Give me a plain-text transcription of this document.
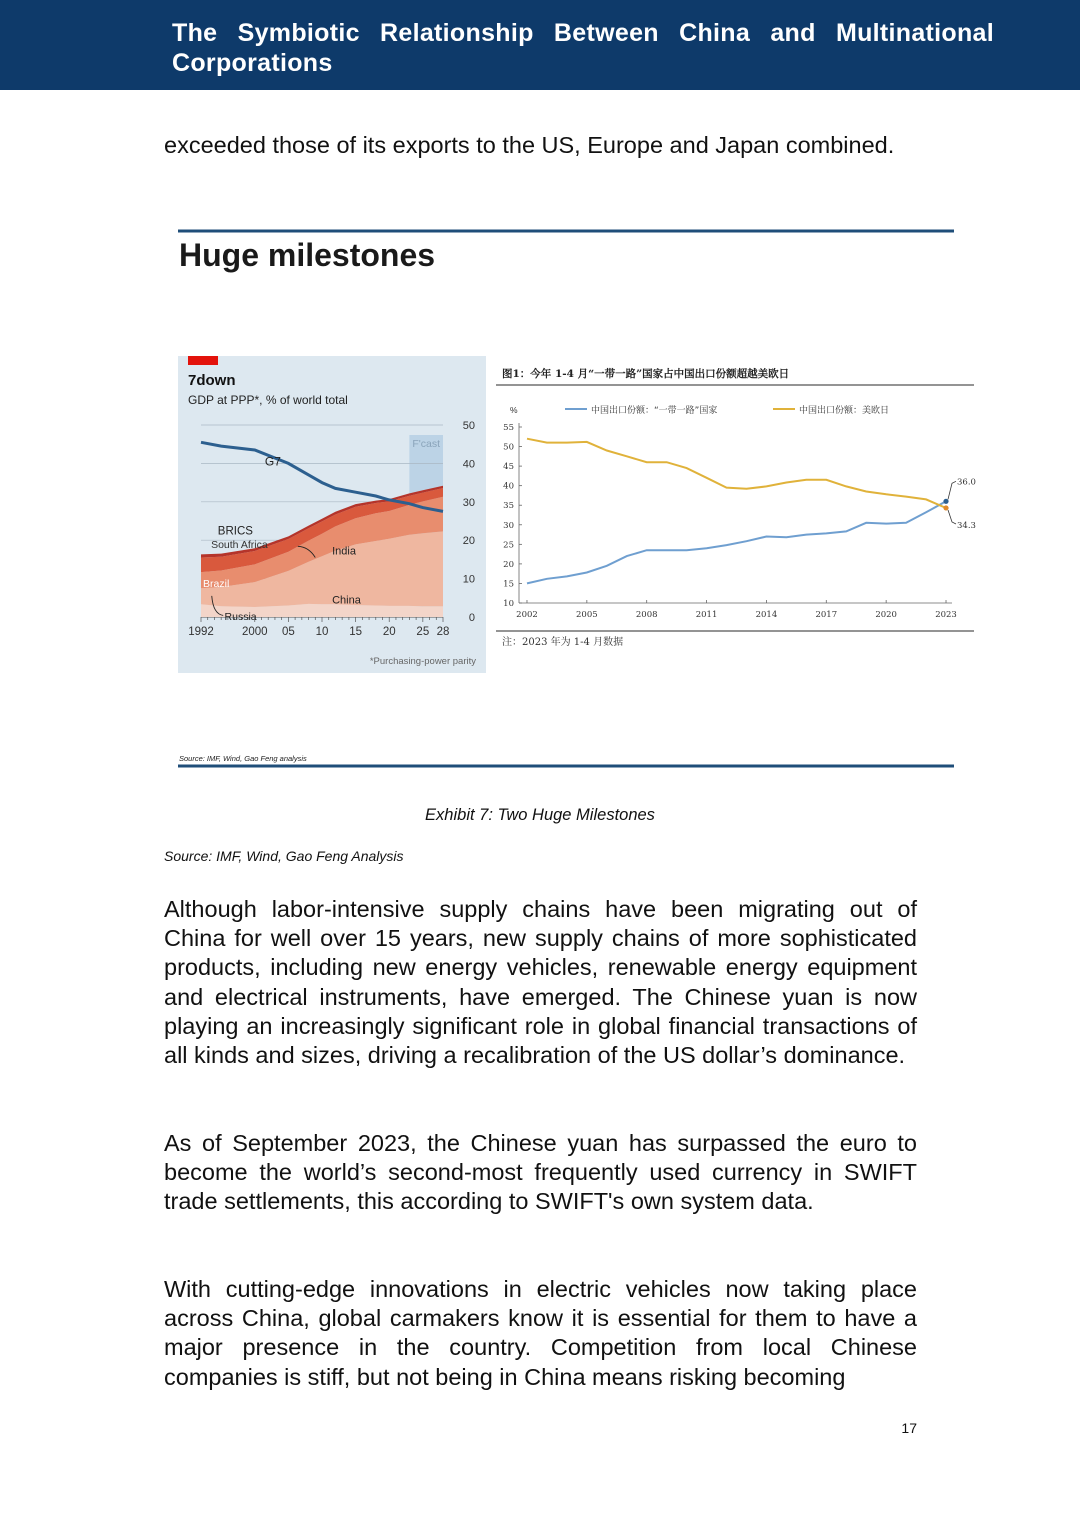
The Symbiotic Relationship Between China and Multinational Corporations
exceeded those of its exports to the US, Europe and Japan combined.
Huge milestones
7down
GDP at PPP*, % of world total
*Purchasing-power parity
F'cast
0
10
20
30
40
50
1992 2000 05 10 15 20 25 28
G7
BRICS
South Africa
India
China
Brazil
Russia
图1：今年 1-4 月“一带一路”国家占中国出口份额超越美欧日
%
注：2023 年为 1-4 月数据
10
15
20
25
30
35
40
45
50
55
2002	2005	2008	2011	2014	2017	2020	2023
中国出口份额：“一带一路”国家	中国出口份额：美欧日
36.0
34.3
Source: IMF, Wind, Gao Feng analysis
Exhibit 7: Two Huge Milestones
Source: IMF, Wind, Gao Feng Analysis
Although labor-intensive supply chains have been migrating out of China for well over 15 years, new supply chains of more sophisticated products, including new energy vehicles, renewable energy equipment and electrical instruments, have emerged. The Chinese yuan is now playing an increasingly significant role in global financial transactions of all kinds and sizes, driving a recalibration of the US dollar’s dominance.
As of September 2023, the Chinese yuan has surpassed the euro to become the world’s second-most frequently used currency in SWIFT trade settlements, this according to SWIFT's own system data.
With cutting-edge innovations in electric vehicles now taking place across China, global carmakers know it is essential for them to have a major presence in the country. Competition from local Chinese companies is stiff, but not being in China means risking becoming
17
